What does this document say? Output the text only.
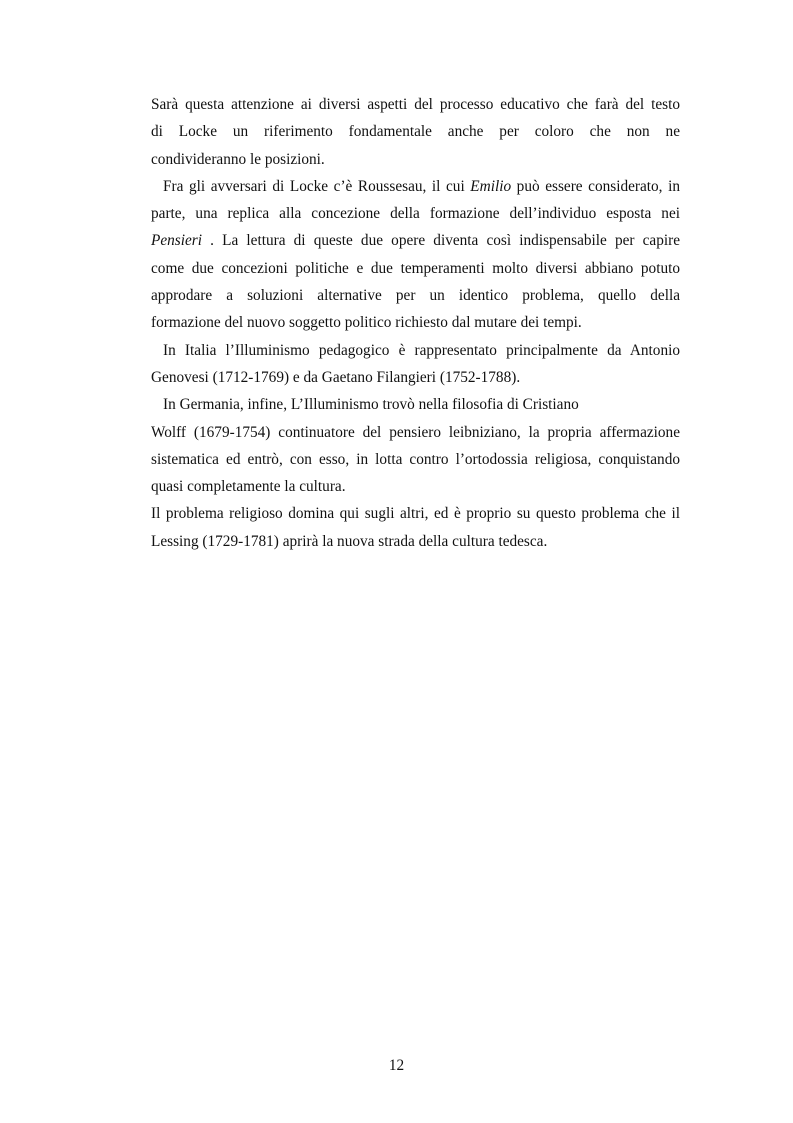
Sarà questa attenzione ai diversi aspetti del processo educativo che farà del testo
di Locke un riferimento fondamentale anche per coloro che non ne
condivideranno le posizioni.
Fra gli avversari di Locke c’è Roussesau, il cui Emilio può essere considerato, in
parte, una replica alla concezione della formazione dell’individuo esposta nei
Pensieri . La lettura di queste due opere diventa così indispensabile per capire
come due concezioni politiche e due temperamenti molto diversi abbiano potuto
approdare a soluzioni alternative per un identico problema, quello della
formazione del nuovo soggetto politico richiesto dal mutare dei tempi.
In Italia l’Illuminismo pedagogico è rappresentato principalmente da Antonio
Genovesi (1712-1769) e da Gaetano Filangieri (1752-1788).
In Germania, infine, L’Illuminismo trovò nella filosofia di Cristiano
Wolff (1679-1754) continuatore del pensiero leibniziano, la propria affermazione
sistematica ed entrò, con esso, in lotta contro l’ortodossia religiosa, conquistando
quasi completamente la cultura.
Il problema religioso domina qui sugli altri, ed è proprio su questo problema che il
Lessing (1729-1781) aprirà la nuova strada della cultura tedesca.
12
